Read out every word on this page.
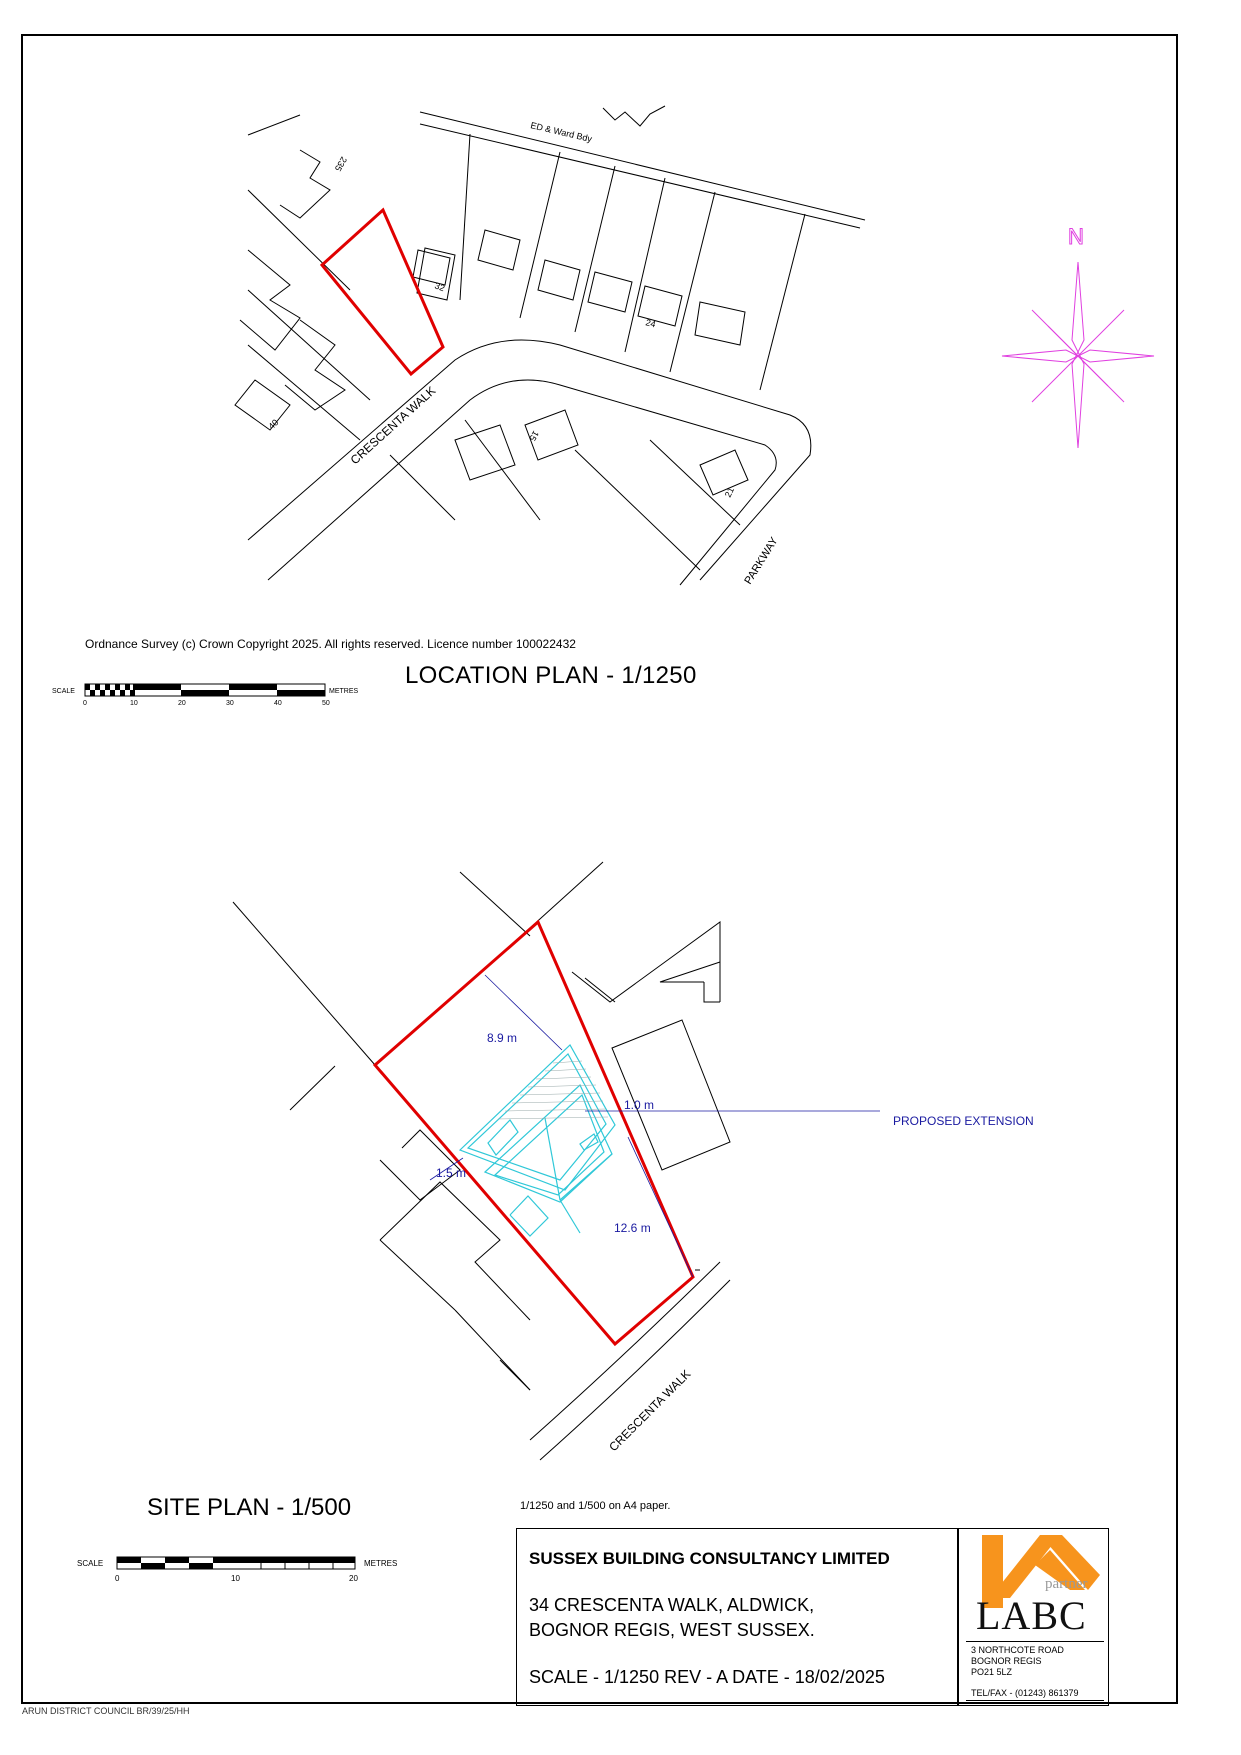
ED & Ward Bdy
CRESCENTA WALK
PARKWAY
235
32
24
40
15
21
N
8.9 m
1.0 m
1.5 m
12.6 m
PROPOSED EXTENSION
CRESCENTA WALK
Ordnance Survey (c) Crown Copyright 2025. All rights reserved. Licence number 100022432
LOCATION PLAN - 1/1250
SCALE	METRES
0	10	20	30	40	50
SITE PLAN - 1/500
SCALE	METRES
0	10	20
1/1250 and 1/500 on A4 paper.
SUSSEX BUILDING CONSULTANCY LIMITED
34 CRESCENTA WALK, ALDWICK,
BOGNOR REGIS, WEST SUSSEX.
SCALE - 1/1250 REV - A DATE - 18/02/2025
partner
LABC
3 NORTHCOTE ROAD
BOGNOR REGIS
PO21 5LZ
TEL/FAX - (01243) 861379
ARUN DISTRICT COUNCIL BR/39/25/HH
